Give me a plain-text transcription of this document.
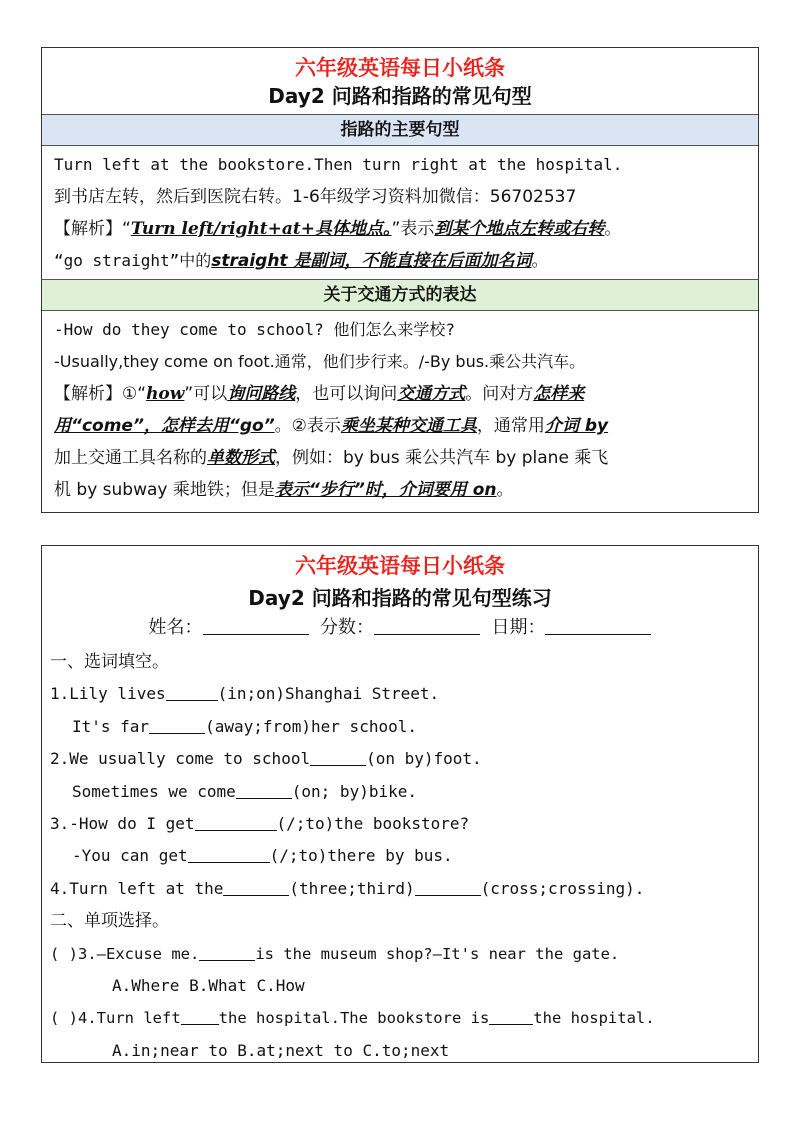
六年级英语每日小纸条
Day2 问路和指路的常见句型
指路的主要句型
Turn left at the bookstore.Then turn right at the hospital.
到书店左转，然后到医院右转。1-6年级学习资料加微信：56702537
【解析】“Turn left/right+at+具体地点。”表示到某个地点左转或右转。
“go straight”中的straight 是副词，不能直接在后面加名词。
关于交通方式的表达
-How do they come to school? 他们怎么来学校?
-Usually,they come on foot.通常，他们步行来。/-By bus.乘公共汽车。
【解析】①“how”可以询问路线，也可以询问交通方式。问对方怎样来
用“come”，怎样去用“go”。②表示乘坐某种交通工具，通常用介词 by
加上交通工具名称的单数形式，例如：by bus 乘公共汽车 by plane 乘飞
机 by subway 乘地铁；但是表示“步行”时，介词要用 on。
六年级英语每日小纸条
Day2 问路和指路的常见句型练习
姓名：	分数：	日期：
一、选词填空。
1.Lily lives	(in;on)Shanghai Street.
It's far	(away;from)her school.
2.We usually come to school	(on by)foot.
Sometimes we come	(on; by)bike.
3.-How do I get	(/;to)the bookstore?
-You can get	(/;to)there by bus.
4.Turn left at the	(three;third)	(cross;crossing).
二、单项选择。
( )3.—Excuse me.	is the museum shop?—It's near the gate.
A.Where B.What C.How
( )4.Turn left the hospital.The bookstore is	the hospital.
A.in;near to B.at;next to C.to;next
